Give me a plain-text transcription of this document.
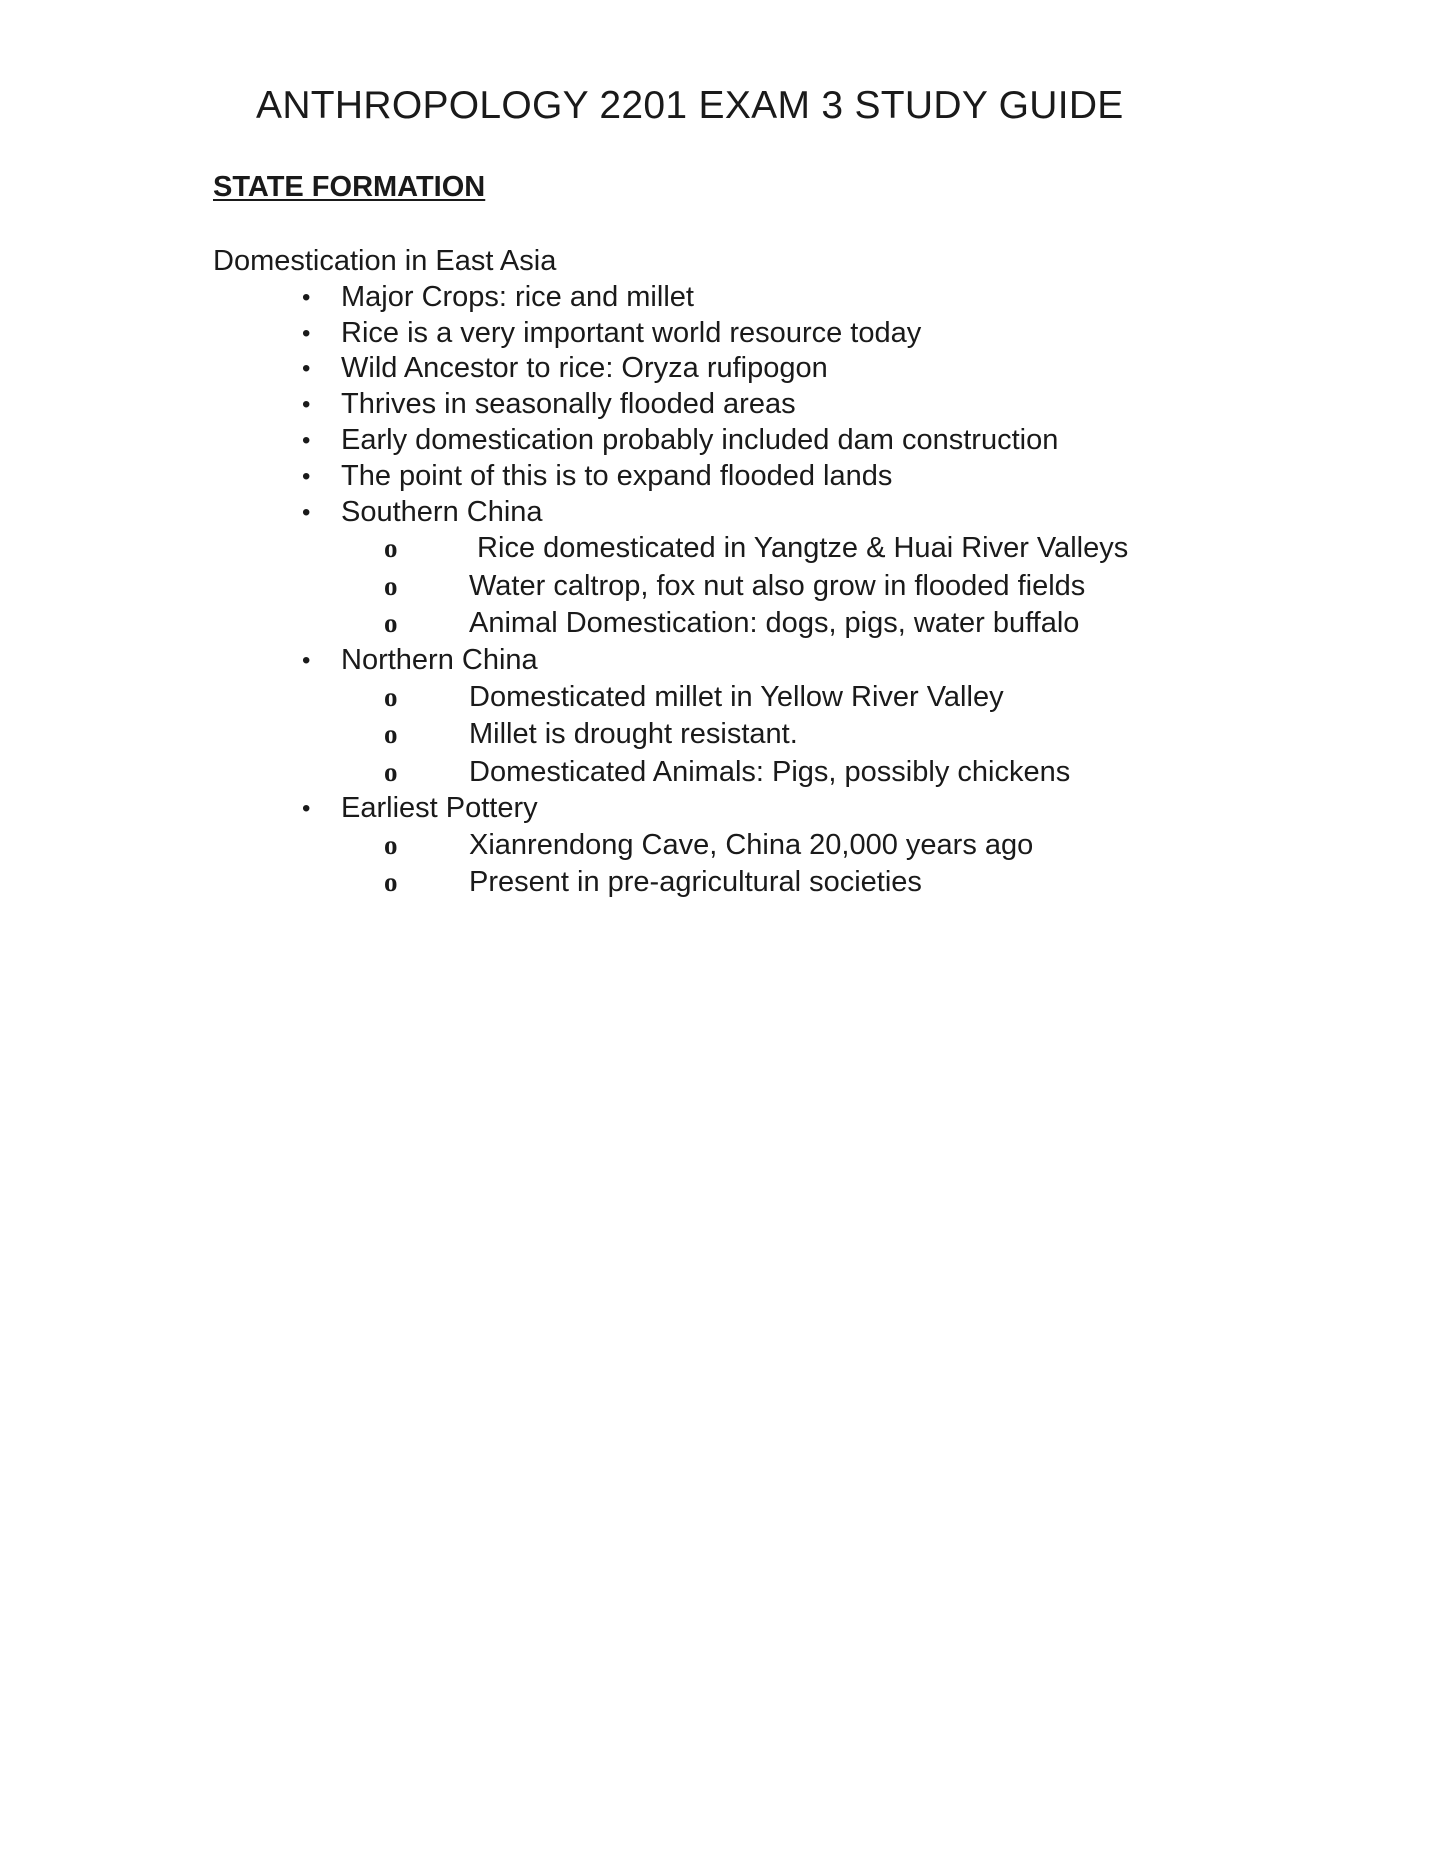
ANTHROPOLOGY 2201 EXAM 3 STUDY GUIDE
STATE FORMATION

Domestication in East Asia

•	Major Crops: rice and millet
•	Rice is a very important world resource today
•	Wild Ancestor to rice: Oryza rufipogon
•	Thrives in seasonally flooded areas
•	Early domestication probably included dam construction
•	The point of this is to expand flooded lands
•	Southern China
o	Rice domesticated in Yangtze & Huai River Valleys
o	Water caltrop, fox nut also grow in flooded fields
o	Animal Domestication: dogs, pigs, water buffalo
•	Northern China
o	Domesticated millet in Yellow River Valley
o	Millet is drought resistant.
o	Domesticated Animals: Pigs, possibly chickens
•	Earliest Pottery
o	Xianrendong Cave, China 20,000 years ago
o	Present in pre-agricultural societies
